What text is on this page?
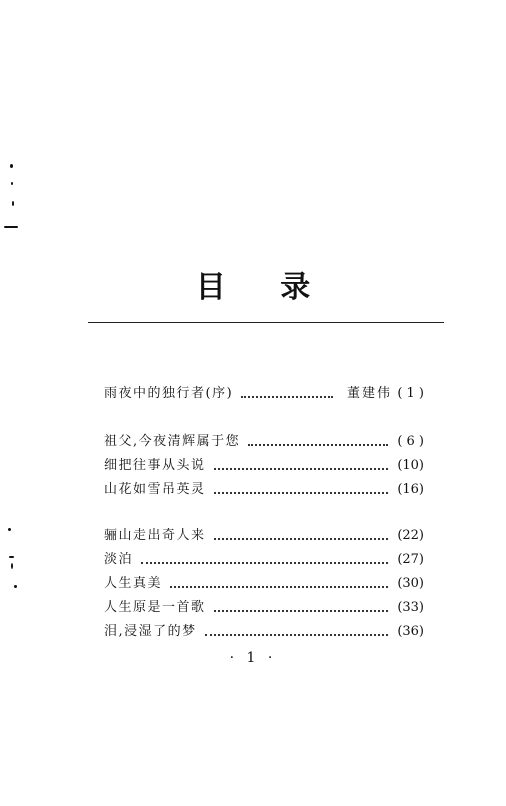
目 录
雨夜中的独行者(序)	董建伟 ( 1 )
祖父,今夜清辉属于您	( 6 )
细把往事从头说	(10)
山花如雪吊英灵	(16)
骊山走出奇人来	(22)
淡泊	(27)
人生真美	(30)
人生原是一首歌	(33)
泪,浸湿了的梦	(36)
· 1 ·
